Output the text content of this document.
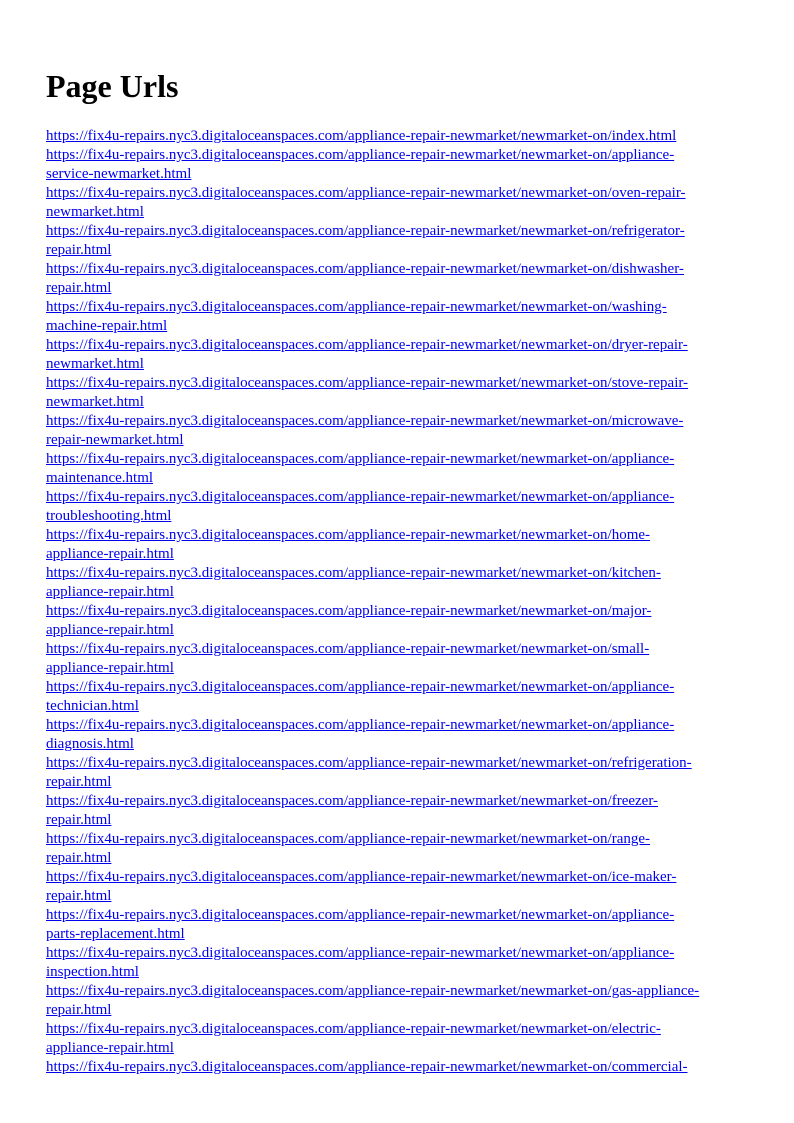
Page Urls
https://fix4u-repairs.nyc3.digitaloceanspaces.com/appliance-repair-newmarket/newmarket-on/index.html
https://fix4u-repairs.nyc3.digitaloceanspaces.com/appliance-repair-newmarket/newmarket-on/appliance-
service-newmarket.html
https://fix4u-repairs.nyc3.digitaloceanspaces.com/appliance-repair-newmarket/newmarket-on/oven-repair-
newmarket.html
https://fix4u-repairs.nyc3.digitaloceanspaces.com/appliance-repair-newmarket/newmarket-on/refrigerator-
repair.html
https://fix4u-repairs.nyc3.digitaloceanspaces.com/appliance-repair-newmarket/newmarket-on/dishwasher-
repair.html
https://fix4u-repairs.nyc3.digitaloceanspaces.com/appliance-repair-newmarket/newmarket-on/washing-
machine-repair.html
https://fix4u-repairs.nyc3.digitaloceanspaces.com/appliance-repair-newmarket/newmarket-on/dryer-repair-
newmarket.html
https://fix4u-repairs.nyc3.digitaloceanspaces.com/appliance-repair-newmarket/newmarket-on/stove-repair-
newmarket.html
https://fix4u-repairs.nyc3.digitaloceanspaces.com/appliance-repair-newmarket/newmarket-on/microwave-
repair-newmarket.html
https://fix4u-repairs.nyc3.digitaloceanspaces.com/appliance-repair-newmarket/newmarket-on/appliance-
maintenance.html
https://fix4u-repairs.nyc3.digitaloceanspaces.com/appliance-repair-newmarket/newmarket-on/appliance-
troubleshooting.html
https://fix4u-repairs.nyc3.digitaloceanspaces.com/appliance-repair-newmarket/newmarket-on/home-
appliance-repair.html
https://fix4u-repairs.nyc3.digitaloceanspaces.com/appliance-repair-newmarket/newmarket-on/kitchen-
appliance-repair.html
https://fix4u-repairs.nyc3.digitaloceanspaces.com/appliance-repair-newmarket/newmarket-on/major-
appliance-repair.html
https://fix4u-repairs.nyc3.digitaloceanspaces.com/appliance-repair-newmarket/newmarket-on/small-
appliance-repair.html
https://fix4u-repairs.nyc3.digitaloceanspaces.com/appliance-repair-newmarket/newmarket-on/appliance-
technician.html
https://fix4u-repairs.nyc3.digitaloceanspaces.com/appliance-repair-newmarket/newmarket-on/appliance-
diagnosis.html
https://fix4u-repairs.nyc3.digitaloceanspaces.com/appliance-repair-newmarket/newmarket-on/refrigeration-
repair.html
https://fix4u-repairs.nyc3.digitaloceanspaces.com/appliance-repair-newmarket/newmarket-on/freezer-
repair.html
https://fix4u-repairs.nyc3.digitaloceanspaces.com/appliance-repair-newmarket/newmarket-on/range-
repair.html
https://fix4u-repairs.nyc3.digitaloceanspaces.com/appliance-repair-newmarket/newmarket-on/ice-maker-
repair.html
https://fix4u-repairs.nyc3.digitaloceanspaces.com/appliance-repair-newmarket/newmarket-on/appliance-
parts-replacement.html
https://fix4u-repairs.nyc3.digitaloceanspaces.com/appliance-repair-newmarket/newmarket-on/appliance-
inspection.html
https://fix4u-repairs.nyc3.digitaloceanspaces.com/appliance-repair-newmarket/newmarket-on/gas-appliance-
repair.html
https://fix4u-repairs.nyc3.digitaloceanspaces.com/appliance-repair-newmarket/newmarket-on/electric-
appliance-repair.html
https://fix4u-repairs.nyc3.digitaloceanspaces.com/appliance-repair-newmarket/newmarket-on/commercial-
